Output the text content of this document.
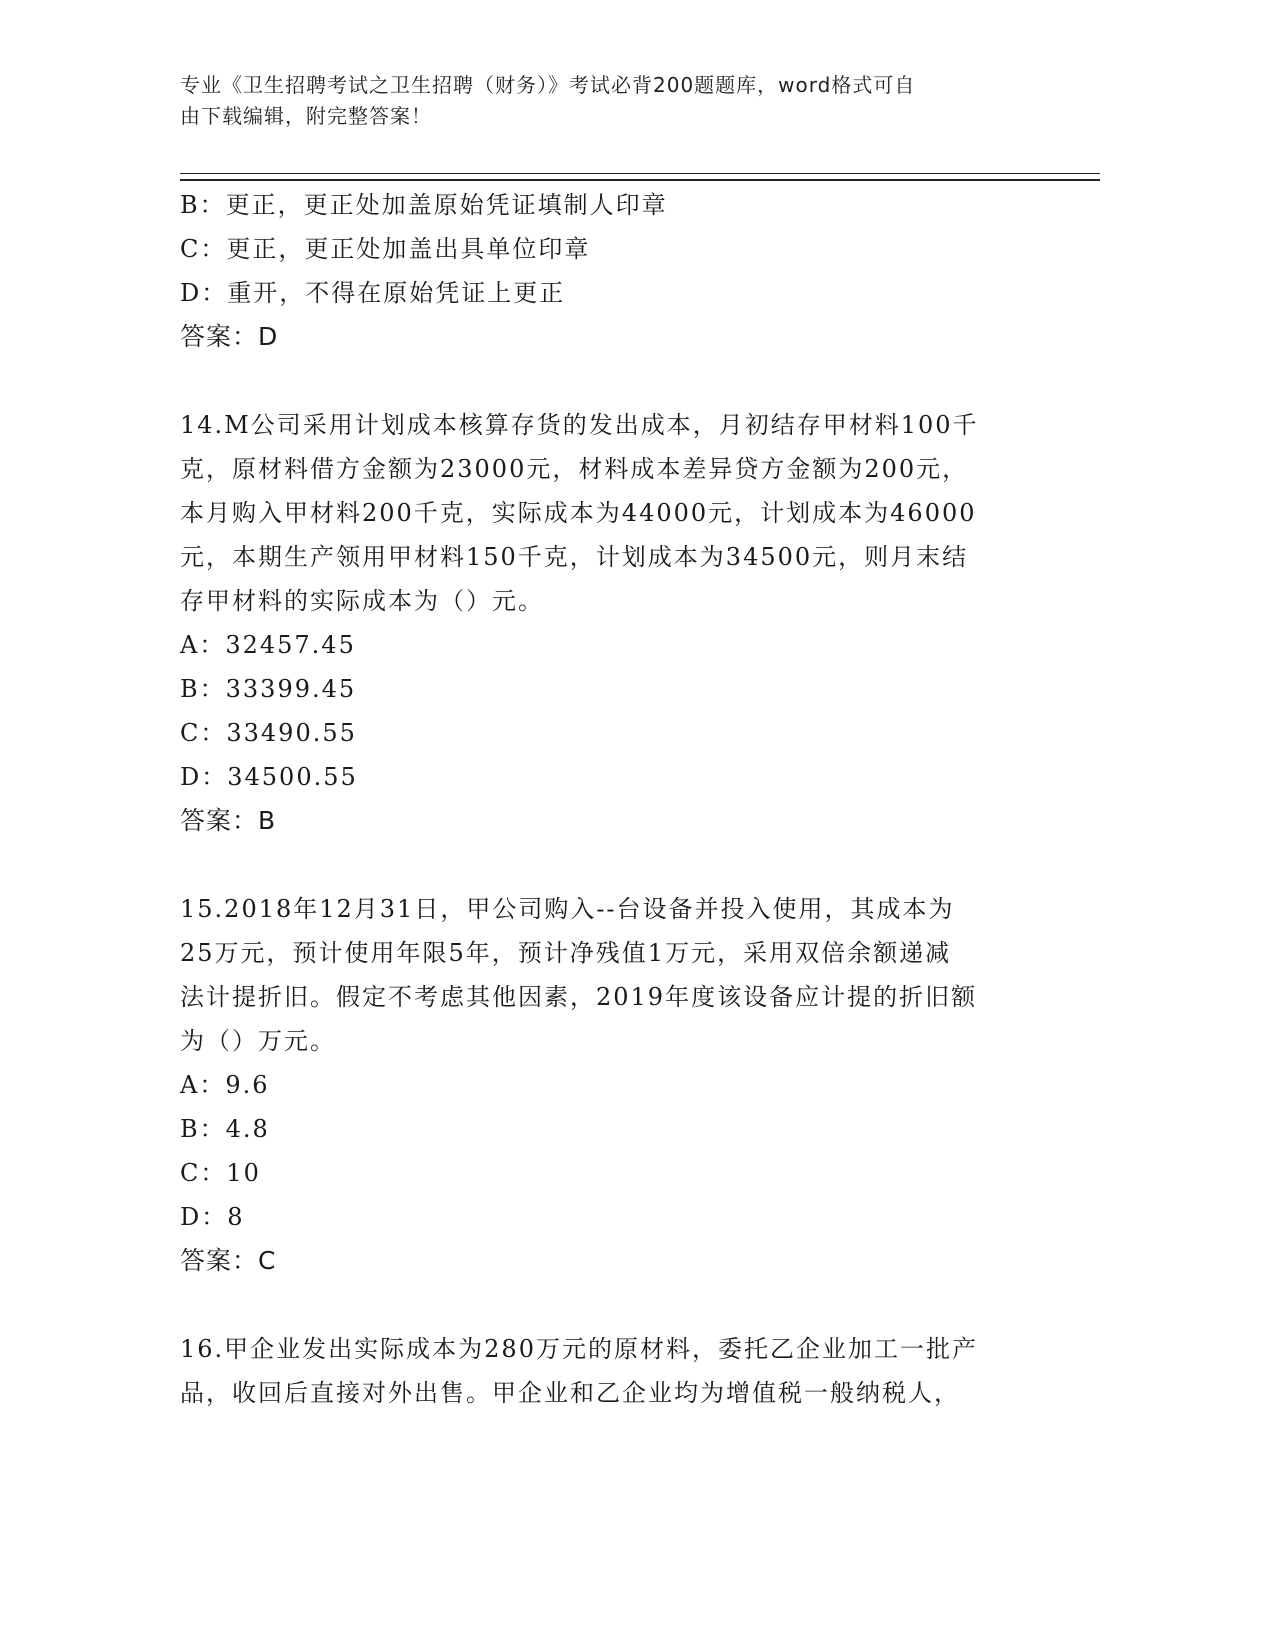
专业《卫生招聘考试之卫生招聘（财务）》考试必背200题题库，word格式可自
由下载编辑，附完整答案！
B：更正，更正处加盖原始凭证填制人印章
C：更正，更正处加盖出具单位印章
D：重开，不得在原始凭证上更正
答案：D
14.M公司采用计划成本核算存货的发出成本，月初结存甲材料100千
克，原材料借方金额为23000元，材料成本差异贷方金额为200元，
本月购入甲材料200千克，实际成本为44000元，计划成本为46000
元，本期生产领用甲材料150千克，计划成本为34500元，则月末结
存甲材料的实际成本为（）元。
A：32457.45
B：33399.45
C：33490.55
D：34500.55
答案：B
15.2018年12月31日，甲公司购入--台设备并投入使用，其成本为
25万元，预计使用年限5年，预计净残值1万元，采用双倍余额递减
法计提折旧。假定不考虑其他因素，2019年度该设备应计提的折旧额
为（）万元。
A：9.6
B：4.8
C：10
D：8
答案：C
16.甲企业发出实际成本为280万元的原材料，委托乙企业加工一批产
品，收回后直接对外出售。甲企业和乙企业均为增值税一般纳税人，
